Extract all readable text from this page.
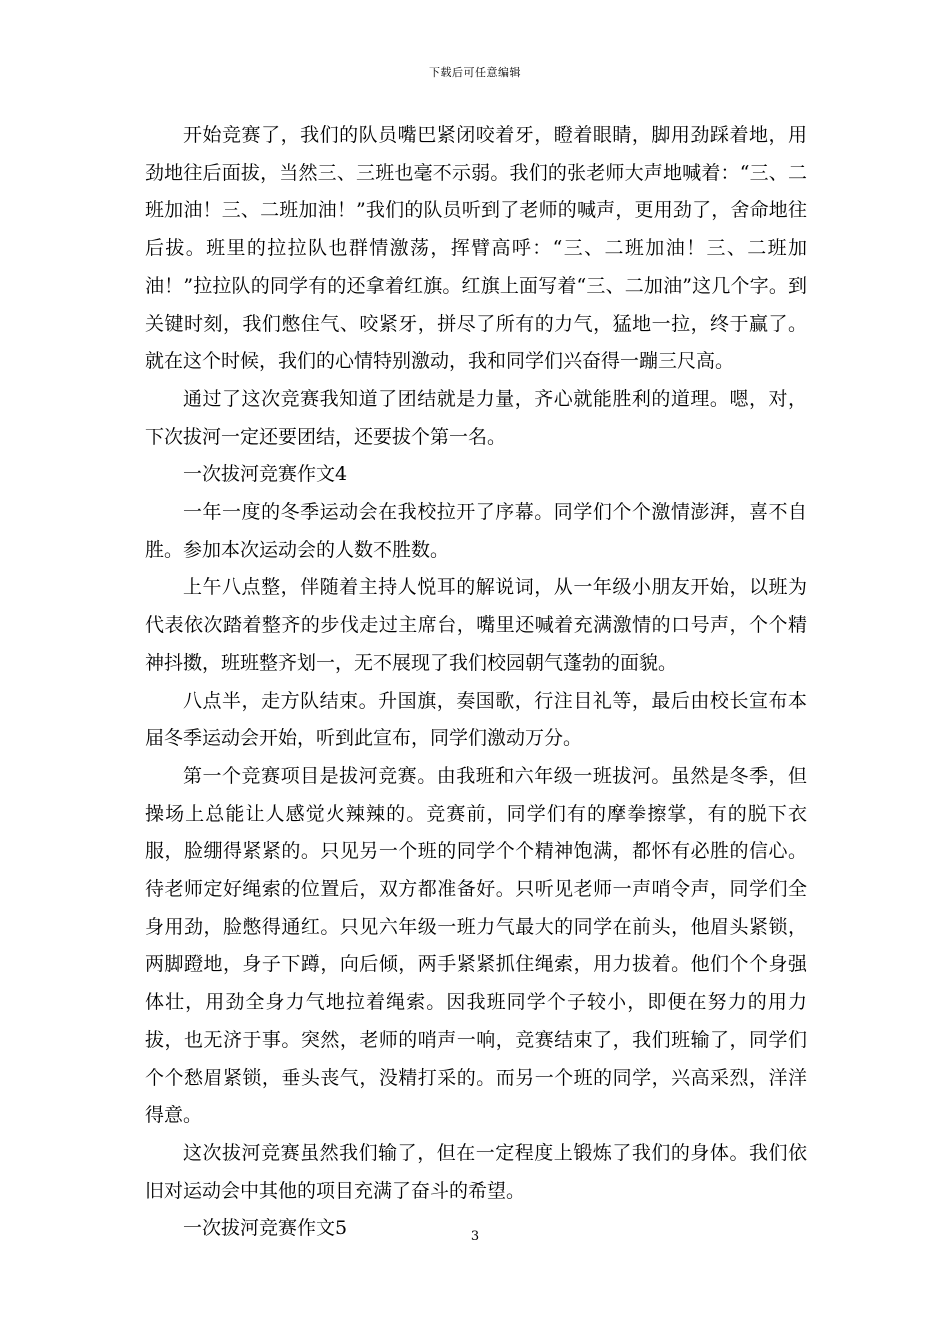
下载后可任意编辑

开始竞赛了，我们的队员嘴巴紧闭咬着牙，瞪着眼睛，脚用劲踩着地，用劲地往后面拔，当然三、三班也毫不示弱。我们的张老师大声地喊着：“三、二班加油！三、二班加油！”我们的队员听到了老师的喊声，更用劲了，舍命地往后拔。班里的拉拉队也群情激荡，挥臂高呼：“三、二班加油！三、二班加油！”拉拉队的同学有的还拿着红旗。红旗上面写着“三、二加油”这几个字。到关键时刻，我们憋住气、咬紧牙，拼尽了所有的力气，猛地一拉，终于赢了。就在这个时候，我们的心情特别激动，我和同学们兴奋得一蹦三尺高。

通过了这次竞赛我知道了团结就是力量，齐心就能胜利的道理。嗯，对，下次拔河一定还要团结，还要拔个第一名。

一次拔河竞赛作文4

一年一度的冬季运动会在我校拉开了序幕。同学们个个激情澎湃，喜不自胜。参加本次运动会的人数不胜数。

上午八点整，伴随着主持人悦耳的解说词，从一年级小朋友开始，以班为代表依次踏着整齐的步伐走过主席台，嘴里还喊着充满激情的口号声，个个精神抖擞，班班整齐划一，无不展现了我们校园朝气蓬勃的面貌。

八点半，走方队结束。升国旗，奏国歌，行注目礼等，最后由校长宣布本届冬季运动会开始，听到此宣布，同学们激动万分。

第一个竞赛项目是拔河竞赛。由我班和六年级一班拔河。虽然是冬季，但操场上总能让人感觉火辣辣的。竞赛前，同学们有的摩拳擦掌，有的脱下衣服，脸绷得紧紧的。只见另一个班的同学个个精神饱满，都怀有必胜的信心。待老师定好绳索的位置后，双方都准备好。只听见老师一声哨令声，同学们全身用劲，脸憋得通红。只见六年级一班力气最大的同学在前头，他眉头紧锁，两脚蹬地，身子下蹲，向后倾，两手紧紧抓住绳索，用力拔着。他们个个身强体壮，用劲全身力气地拉着绳索。因我班同学个子较小，即便在努力的用力拔，也无济于事。突然，老师的哨声一响，竞赛结束了，我们班输了，同学们个个愁眉紧锁，垂头丧气，没精打采的。而另一个班的同学，兴高采烈，洋洋得意。

这次拔河竞赛虽然我们输了，但在一定程度上锻炼了我们的身体。我们依旧对运动会中其他的项目充满了奋斗的希望。

一次拔河竞赛作文5	3
